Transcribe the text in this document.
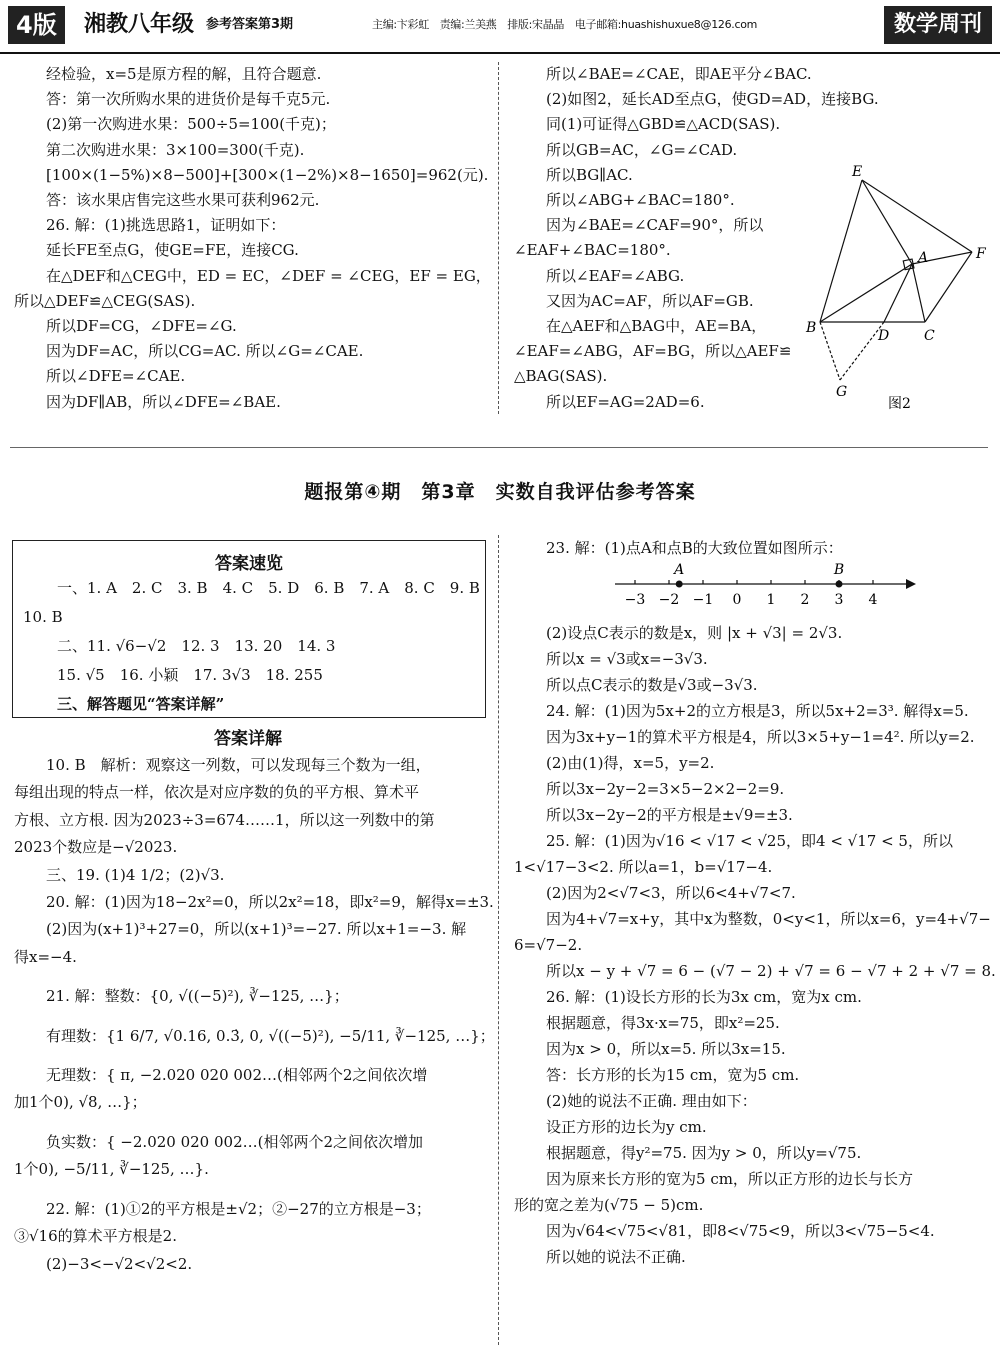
4版	湘教八年级 参考答案第3期	主编:卞彩虹　责编:兰美燕　排版:宋晶晶　电子邮箱:huashishuxue8@126.com	数学周刊

经检验，x=5是原方程的解，且符合题意.

答：第一次所购水果的进货价是每千克5元.

(2)第一次购进水果：500÷5=100(千克)；

第二次购进水果：3×100=300(千克).

[100×(1−5%)×8−500]+[300×(1−2%)×8−1650]=962(元).

答：该水果店售完这些水果可获利962元.

26. 解：(1)挑选思路1，证明如下：

延长FE至点G，使GE=FE，连接CG.

在△DEF和△CEG中，ED = EC，∠DEF = ∠CEG，EF = EG，

所以△DEF≌△CEG(SAS).

所以DF=CG，∠DFE=∠G.

因为DF=AC，所以CG=AC. 所以∠G=∠CAE.

所以∠DFE=∠CAE.

因为DF∥AB，所以∠DFE=∠BAE.

所以∠BAE=∠CAE，即AE平分∠BAC.

(2)如图2，延长AD至点G，使GD=AD，连接BG.

同(1)可证得△GBD≌△ACD(SAS).

所以GB=AC，∠G=∠CAD.

所以BG∥AC.

所以∠ABG+∠BAC=180°.

因为∠BAE=∠CAF=90°，所以

∠EAF+∠BAC=180°.

所以∠EAF=∠ABG.

又因为AC=AF，所以AF=GB.

在△AEF和△BAG中，AE=BA，

∠EAF=∠ABG，AF=BG，所以△AEF≌

△BAG(SAS).

所以EF=AG=2AD=6.

E
A	F
B	D C
G
图2
题报第④期　第3章　实数自我评估参考答案
答案速览

一、1. A　2. C　3. B　4. C　5. D　6. B　7. A　8. C　9. B

10. B

二、11. √6−√2　12. 3　13. 20　14. 3

15. √5　16. 小颖　17. 3√3　18. 255

三、解答题见“答案详解”

答案详解

10. B　解析：观察这一列数，可以发现每三个数为一组，

每组出现的特点一样，依次是对应序数的负的平方根、算术平

方根、立方根. 因为2023÷3=674……1，所以这一列数中的第

2023个数应是−√2023.

三、19. (1)4 1/2；(2)√3.

20. 解：(1)因为18−2x²=0，所以2x²=18，即x²=9，解得x=±3.

(2)因为(x+1)³+27=0，所以(x+1)³=−27. 所以x+1=−3. 解

得x=−4.

21. 解：整数：{0, √((−5)²), ∛−125, …}；

有理数：{1 6/7, √0.16, 0.3̇, 0, √((−5)²), −5/11, ∛−125, …}；

无理数：{ π, −2.020 020 002…(相邻两个2之间依次增

加1个0), √8, …}；

负实数：{ −2.020 020 002…(相邻两个2之间依次增加

1个0), −5/11, ∛−125, …}.

22. 解：(1)①2的平方根是±√2；②−27的立方根是−3；

③√16的算术平方根是2.

(2)−3<−√2<√2<2.

23. 解：(1)点A和点B的大致位置如图所示：

−3 −2 −1 0 1 2 3 4
A	B

(2)设点C表示的数是x，则 |x + √3| = 2√3.

所以x = √3或x=−3√3.

所以点C表示的数是√3或−3√3.

24. 解：(1)因为5x+2的立方根是3，所以5x+2=3³. 解得x=5.

因为3x+y−1的算术平方根是4，所以3×5+y−1=4². 所以y=2.

(2)由(1)得，x=5，y=2.

所以3x−2y−2=3×5−2×2−2=9.

所以3x−2y−2的平方根是±√9=±3.

25. 解：(1)因为√16 < √17 < √25，即4 < √17 < 5，所以

1<√17−3<2. 所以a=1，b=√17−4.

(2)因为2<√7<3，所以6<4+√7<7.

因为4+√7=x+y，其中x为整数，0<y<1，所以x=6，y=4+√7−

6=√7−2.

所以x − y + √7 = 6 − (√7 − 2) + √7 = 6 − √7 + 2 + √7 = 8.

26. 解：(1)设长方形的长为3x cm，宽为x cm.

根据题意，得3x·x=75，即x²=25.

因为x > 0，所以x=5. 所以3x=15.

答：长方形的长为15 cm，宽为5 cm.

(2)她的说法不正确. 理由如下：

设正方形的边长为y cm.

根据题意，得y²=75. 因为y > 0，所以y=√75.

因为原来长方形的宽为5 cm，所以正方形的边长与长方

形的宽之差为(√75 − 5)cm.

因为√64<√75<√81，即8<√75<9，所以3<√75−5<4.

所以她的说法不正确.
